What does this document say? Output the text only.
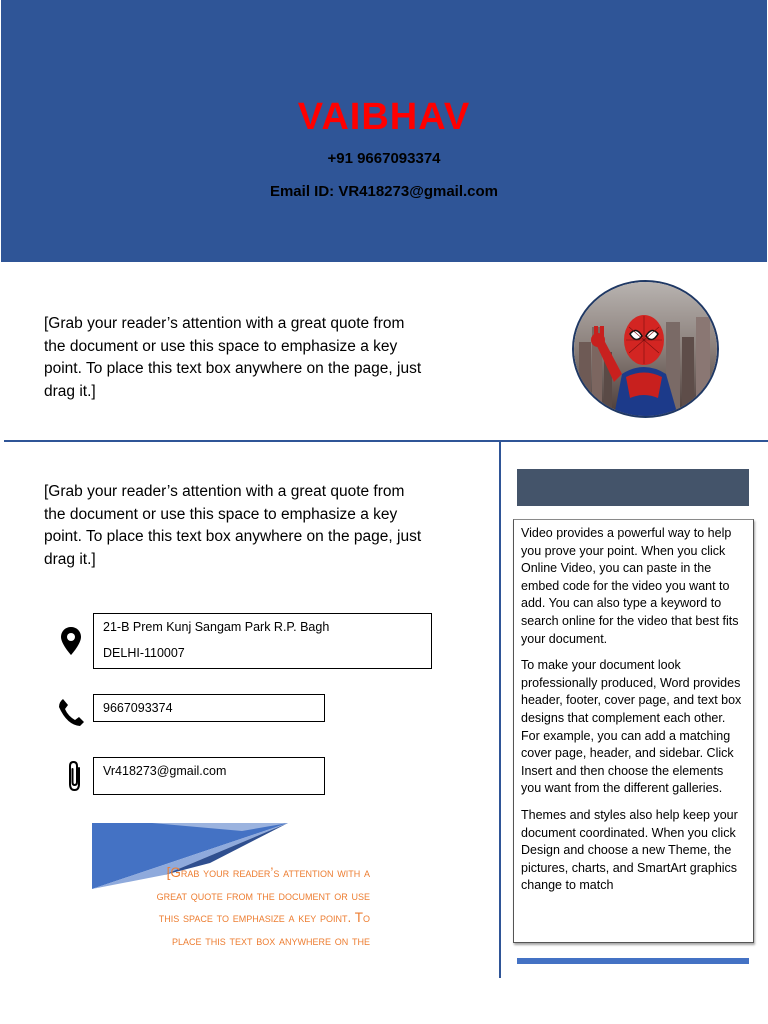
VAIBHAV
+91 9667093374
Email ID: VR418273@gmail.com
[Grab your reader’s attention with a great quote from the document or use this space to emphasize a key point. To place this text box anywhere on the page, just drag it.]
[Grab your reader’s attention with a great quote from the document or use this space to emphasize a key point. To place this text box anywhere on the page, just drag it.]
21-B Prem Kunj Sangam Park R.P. Bagh
DELHI-110007
9667093374
Vr418273@gmail.com
[Grab your reader’s attention with a great quote from the document or use this space to emphasize a key point. To place this text box anywhere on the

Video provides a powerful way to help you prove your point. When you click Online Video, you can paste in the embed code for the video you want to add. You can also type a keyword to search online for the video that best fits your document.

To make your document look professionally produced, Word provides header, footer, cover page, and text box designs that complement each other. For example, you can add a matching cover page, header, and sidebar. Click Insert and then choose the elements you want from the different galleries.

Themes and styles also help keep your document coordinated. When you click Design and choose a new Theme, the pictures, charts, and SmartArt graphics change to match
